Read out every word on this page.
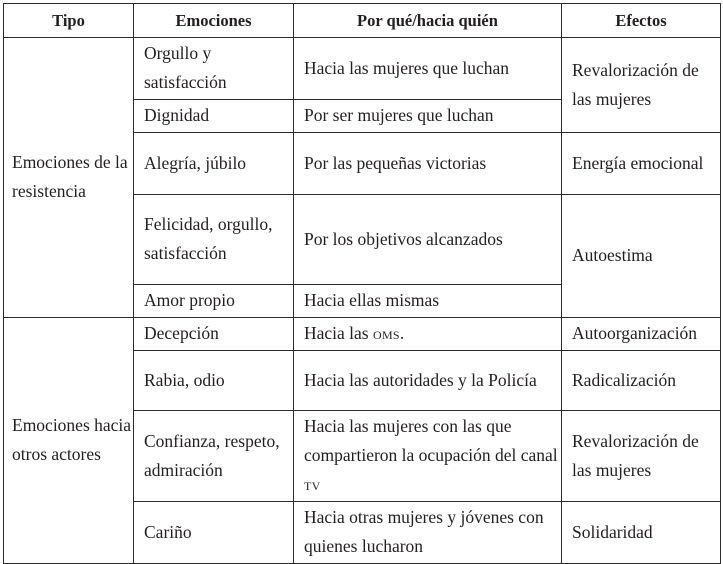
Tipo	Emociones	Por qué/hacia quién	Efectos
Emociones de la resistencia	Orgullo y satisfacción	Hacia las mujeres que luchan	Revalorización de las mujeres
	Dignidad	Por ser mujeres que luchan	
	Alegría, júbilo	Por las pequeñas victorias	Energía emocional
	Felicidad, orgullo, satisfacción	Por los objetivos alcanzados	Autoestima
	Amor propio	Hacia ellas mismas	
Emociones hacia otros actores	Decepción	Hacia las oms.	Autoorganización
	Rabia, odio	Hacia las autoridades y la Policía	Radicalización
	Confianza, respeto, admiración	Hacia las mujeres con las que compartieron la ocupación del canal tv	Revalorización de las mujeres
	Cariño	Hacia otras mujeres y jóvenes con quienes lucharon	Solidaridad
